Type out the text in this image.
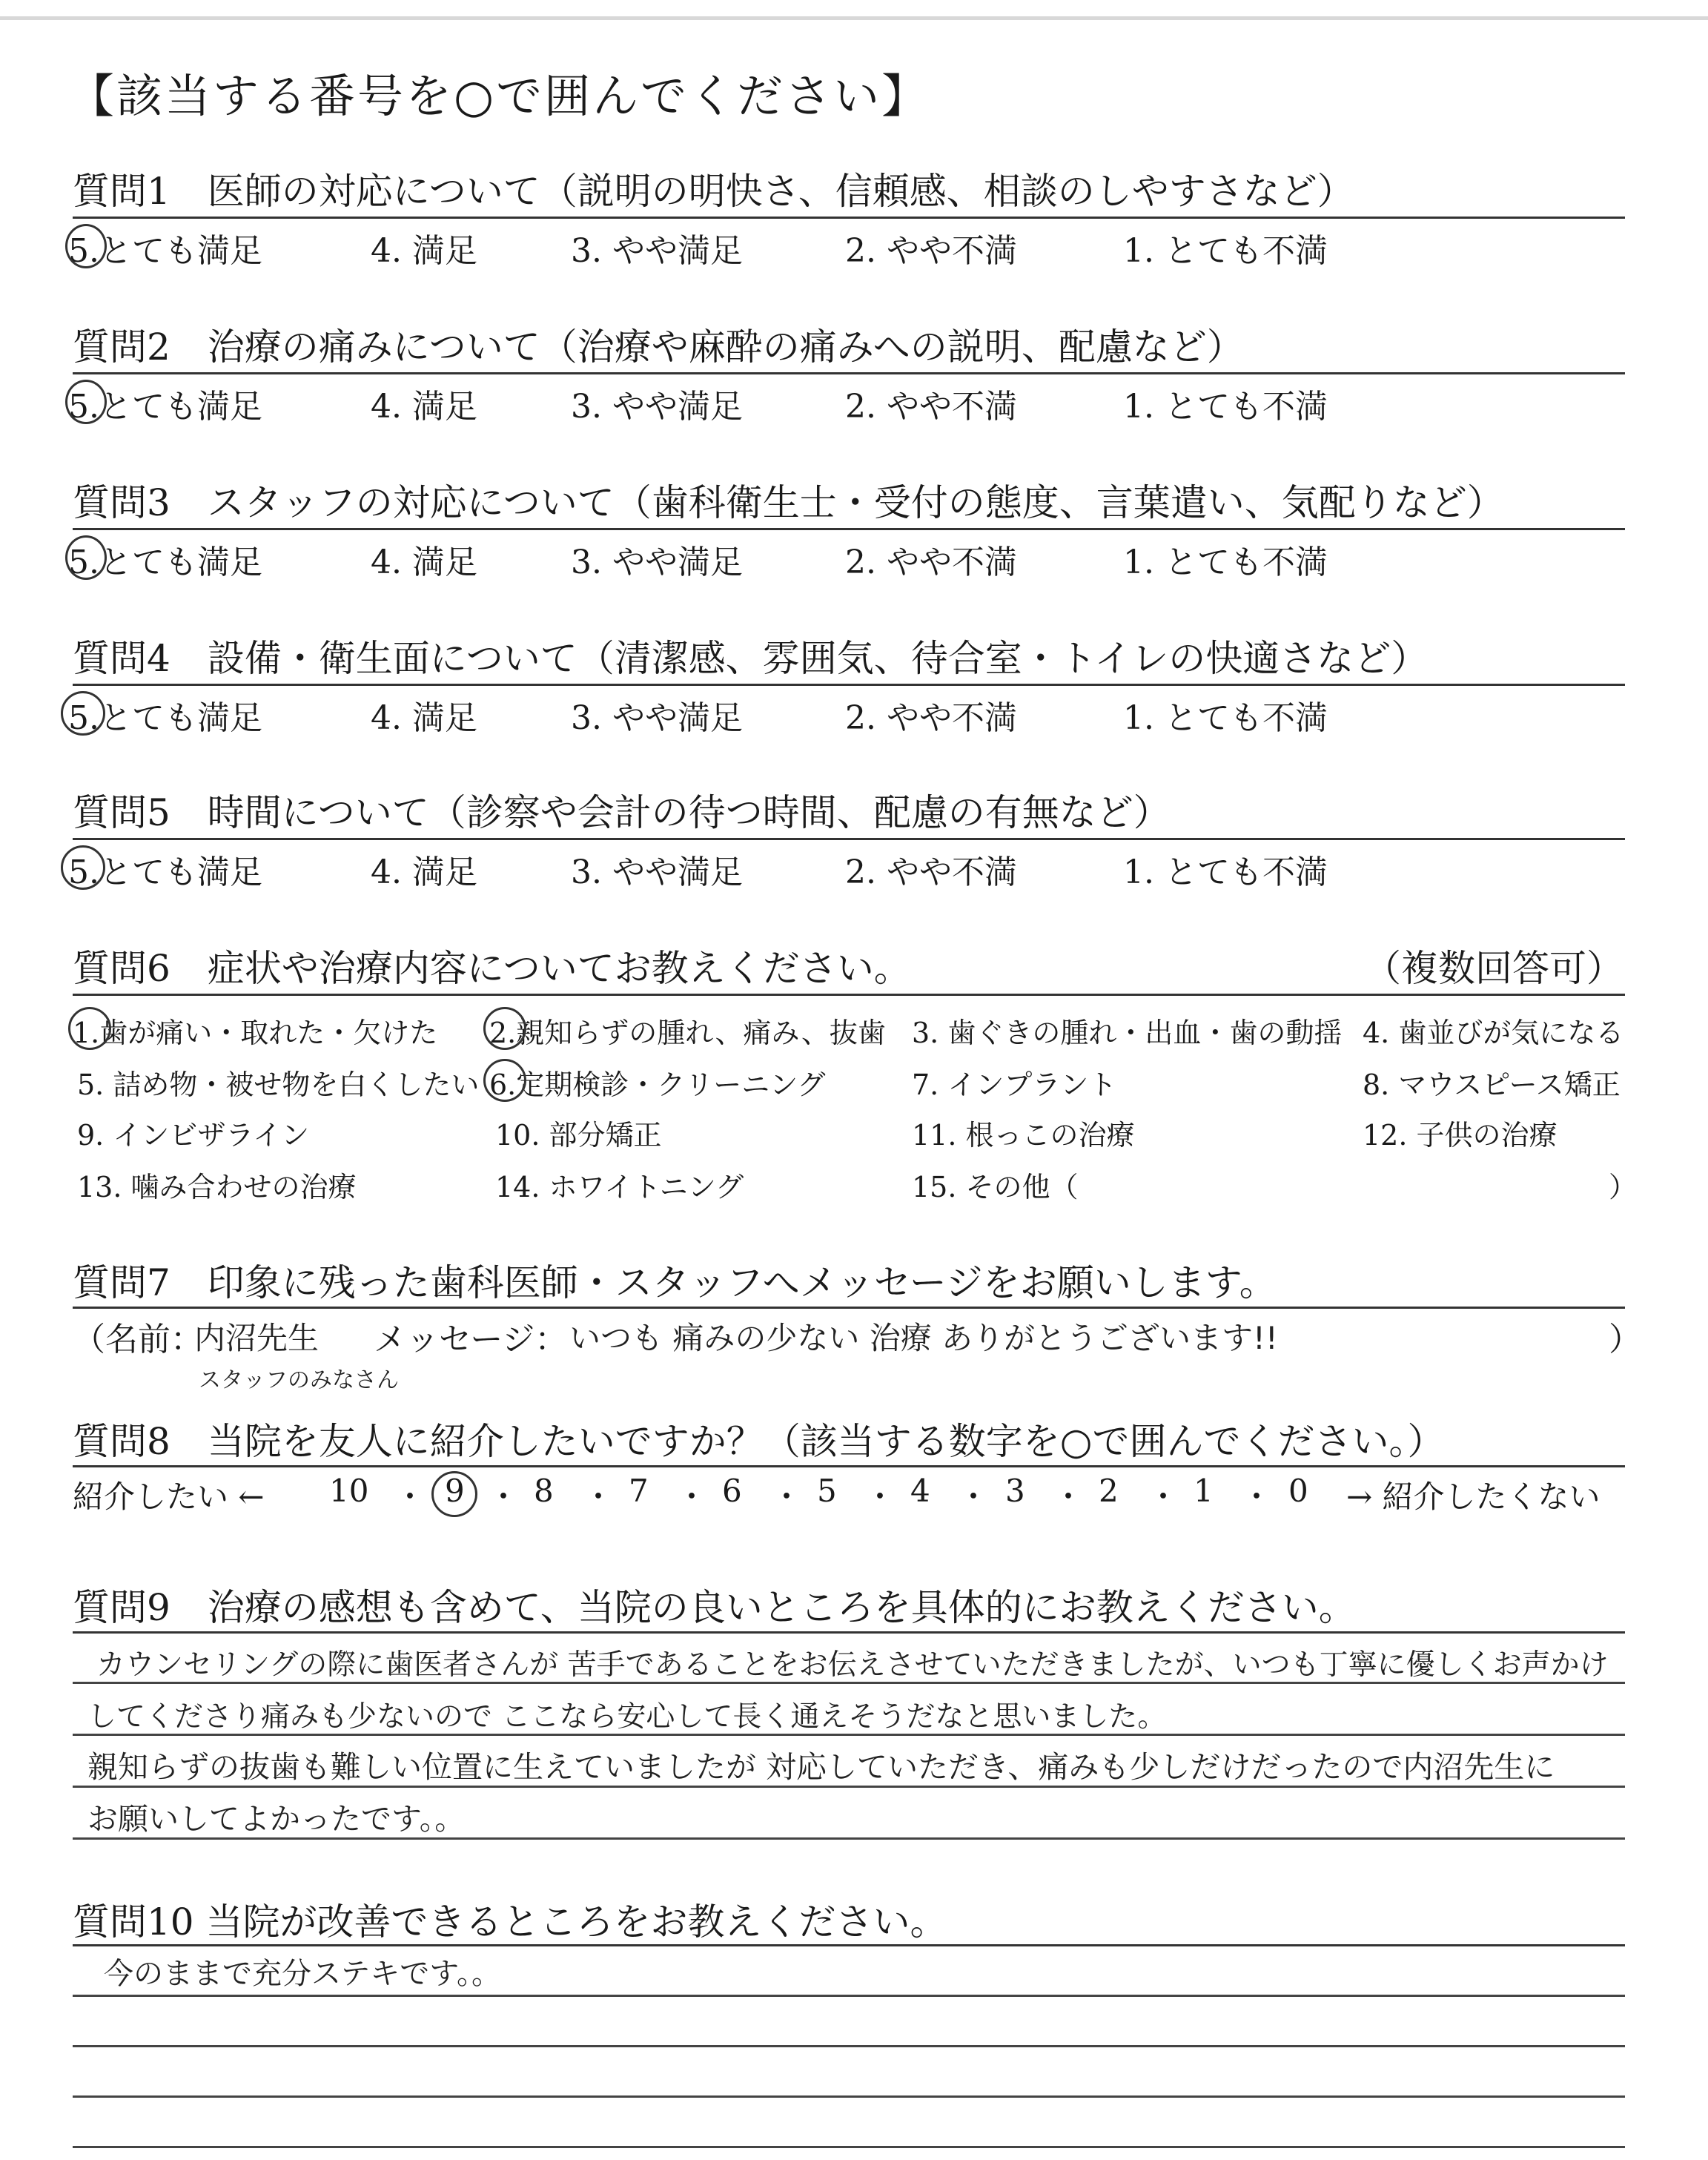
【該当する番号を○で囲んでください】
質問1　医師の対応について（説明の明快さ、信頼感、相談のしやすさなど）
5.とても満足	4. 満足	3. やや満足	2. やや不満	1. とても不満
質問2　治療の痛みについて（治療や麻酔の痛みへの説明、配慮など）
5.とても満足	4. 満足	3. やや満足	2. やや不満	1. とても不満
質問3　スタッフの対応について（歯科衛生士・受付の態度、言葉遣い、気配りなど）
5.とても満足	4. 満足	3. やや満足	2. やや不満	1. とても不満
質問4　設備・衛生面について（清潔感、雰囲気、待合室・トイレの快適さなど）
5.とても満足	4. 満足	3. やや満足	2. やや不満	1. とても不満
質問5　時間について（診察や会計の待つ時間、配慮の有無など）
5.とても満足	4. 満足	3. やや満足	2. やや不満	1. とても不満
質問6　症状や治療内容についてお教えください。	（複数回答可）
1.歯が痛い・取れた・欠けた 2.親知らずの腫れ、痛み、抜歯 3. 歯ぐきの腫れ・出血・歯の動揺 4. 歯並びが気になる
5. 詰め物・被せ物を白くしたい 6.定期検診・クリーニング	7. インプラント	8. マウスピース矯正
9. インビザライン	10. 部分矯正	11. 根っこの治療	12. 子供の治療
13. 噛み合わせの治療	14. ホワイトニング	15. その他（	）
質問7　印象に残った歯科医師・スタッフへメッセージをお願いします。
（名前：
内沼先生
スタッフのみなさん
メッセージ： いつも 痛みの少ない 治療 ありがとうございます!!	）
質問8　当院を友人に紹介したいですか？（該当する数字を○で囲んでください。）
紹介したい ← 10 ・ 9 ・ 8 ・ 7 ・ 6 ・ 5 ・ 4 ・ 3 ・ 2 ・ 1 ・ 0 → 紹介したくない
質問9　治療の感想も含めて、当院の良いところを具体的にお教えください。
カウンセリングの際に歯医者さんが 苦手であることをお伝えさせていただきましたが、いつも丁寧に優しくお声かけ
してくださり痛みも少ないので ここなら安心して長く通えそうだなと思いました。
親知らずの抜歯も難しい位置に生えていましたが 対応していただき、痛みも少しだけだったので内沼先生に
お願いしてよかったです。。
質問10 当院が改善できるところをお教えください。
今のままで充分ステキです。。
